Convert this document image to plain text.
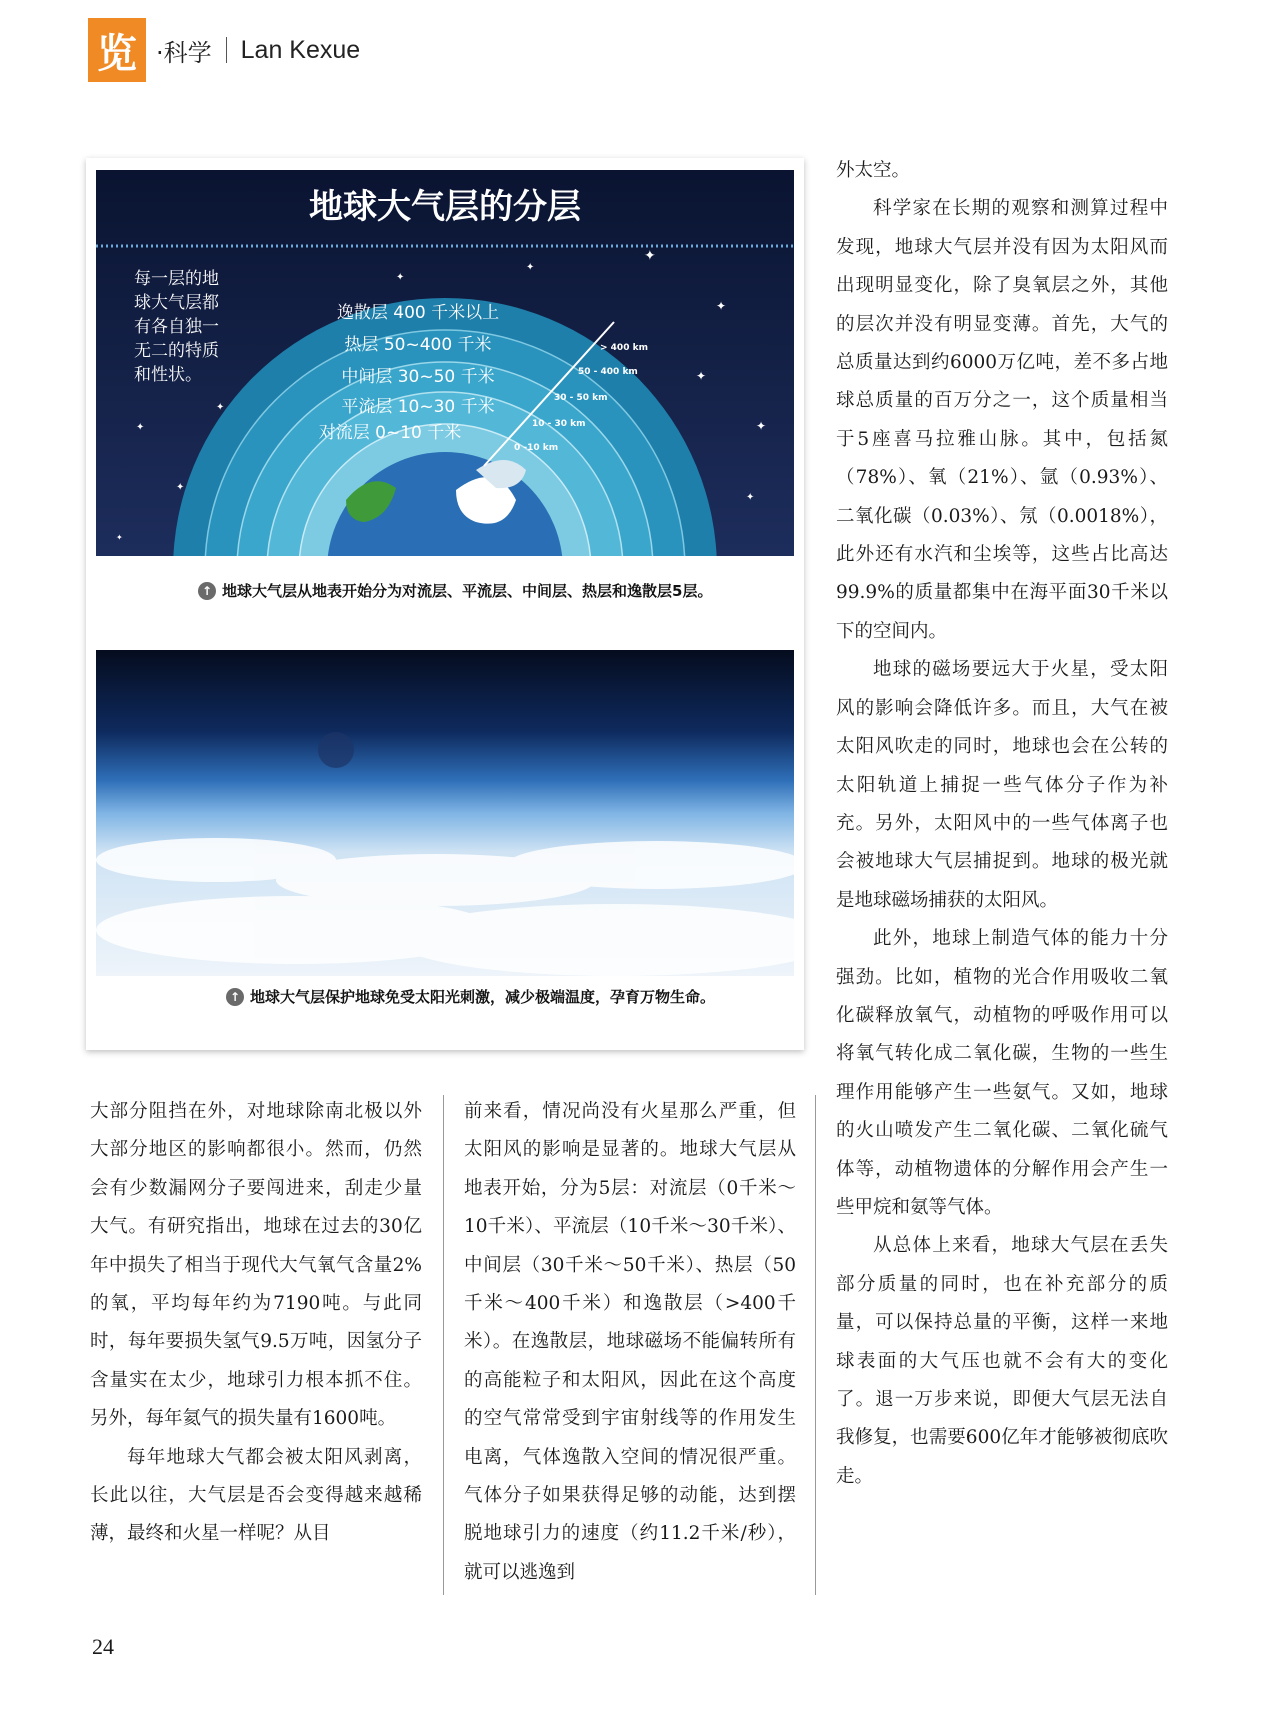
览 ·科学 Lan Kexue
✦
✦
✦
✦
✦
✦
✦
✦
✦
✦
✦
地球大气层的分层
每一层的地
球大气层都
有各自独一
无二的特质
和性状。
逸散层 400 千米以上
热层 50~400 千米
中间层 30~50 千米
平流层 10~30 千米
对流层 0~10 千米
> 400 km
50 - 400 km
30 - 50 km
10 - 30 km
0 -10 km
↑ 地球大气层从地表开始分为对流层、平流层、中间层、热层和逸散层5层。
↑ 地球大气层保护地球免受太阳光刺激，减少极端温度，孕育万物生命。

大部分阻挡在外，对地球除南北极以外大部分地区的影响都很小。然而，仍然会有少数漏网分子要闯进来，刮走少量大气。有研究指出，地球在过去的30亿年中损失了相当于现代大气氧气含量2%的氧，平均每年约为7190吨。与此同时，每年要损失氢气9.5万吨，因氢分子含量实在太少，地球引力根本抓不住。另外，每年氦气的损失量有1600吨。

每年地球大气都会被太阳风剥离，长此以往，大气层是否会变得越来越稀薄，最终和火星一样呢？从目

前来看，情况尚没有火星那么严重，但太阳风的影响是显著的。地球大气层从地表开始，分为5层：对流层（0千米～10千米）、平流层（10千米～30千米）、中间层（30千米～50千米）、热层（50千米～400千米）和逸散层（>400千米）。在逸散层，地球磁场不能偏转所有的高能粒子和太阳风，因此在这个高度的空气常常受到宇宙射线等的作用发生电离，气体逸散入空间的情况很严重。气体分子如果获得足够的动能，达到摆脱地球引力的速度（约11.2千米/秒），就可以逃逸到

外太空。

科学家在长期的观察和测算过程中发现，地球大气层并没有因为太阳风而出现明显变化，除了臭氧层之外，其他的层次并没有明显变薄。首先，大气的总质量达到约6000万亿吨，差不多占地球总质量的百万分之一，这个质量相当于5座喜马拉雅山脉。其中，包括氮（78%）、氧（21%）、氩（0.93%）、二氧化碳（0.03%）、氖（0.0018%），此外还有水汽和尘埃等，这些占比高达99.9%的质量都集中在海平面30千米以下的空间内。

地球的磁场要远大于火星，受太阳风的影响会降低许多。而且，大气在被太阳风吹走的同时，地球也会在公转的太阳轨道上捕捉一些气体分子作为补充。另外，太阳风中的一些气体离子也会被地球大气层捕捉到。地球的极光就是地球磁场捕获的太阳风。

此外，地球上制造气体的能力十分强劲。比如，植物的光合作用吸收二氧化碳释放氧气，动植物的呼吸作用可以将氧气转化成二氧化碳，生物的一些生理作用能够产生一些氨气。又如，地球的火山喷发产生二氧化碳、二氧化硫气体等，动植物遗体的分解作用会产生一些甲烷和氨等气体。

从总体上来看，地球大气层在丢失部分质量的同时，也在补充部分的质量，可以保持总量的平衡，这样一来地球表面的大气压也就不会有大的变化了。退一万步来说，即便大气层无法自我修复，也需要600亿年才能够被彻底吹走。

24
